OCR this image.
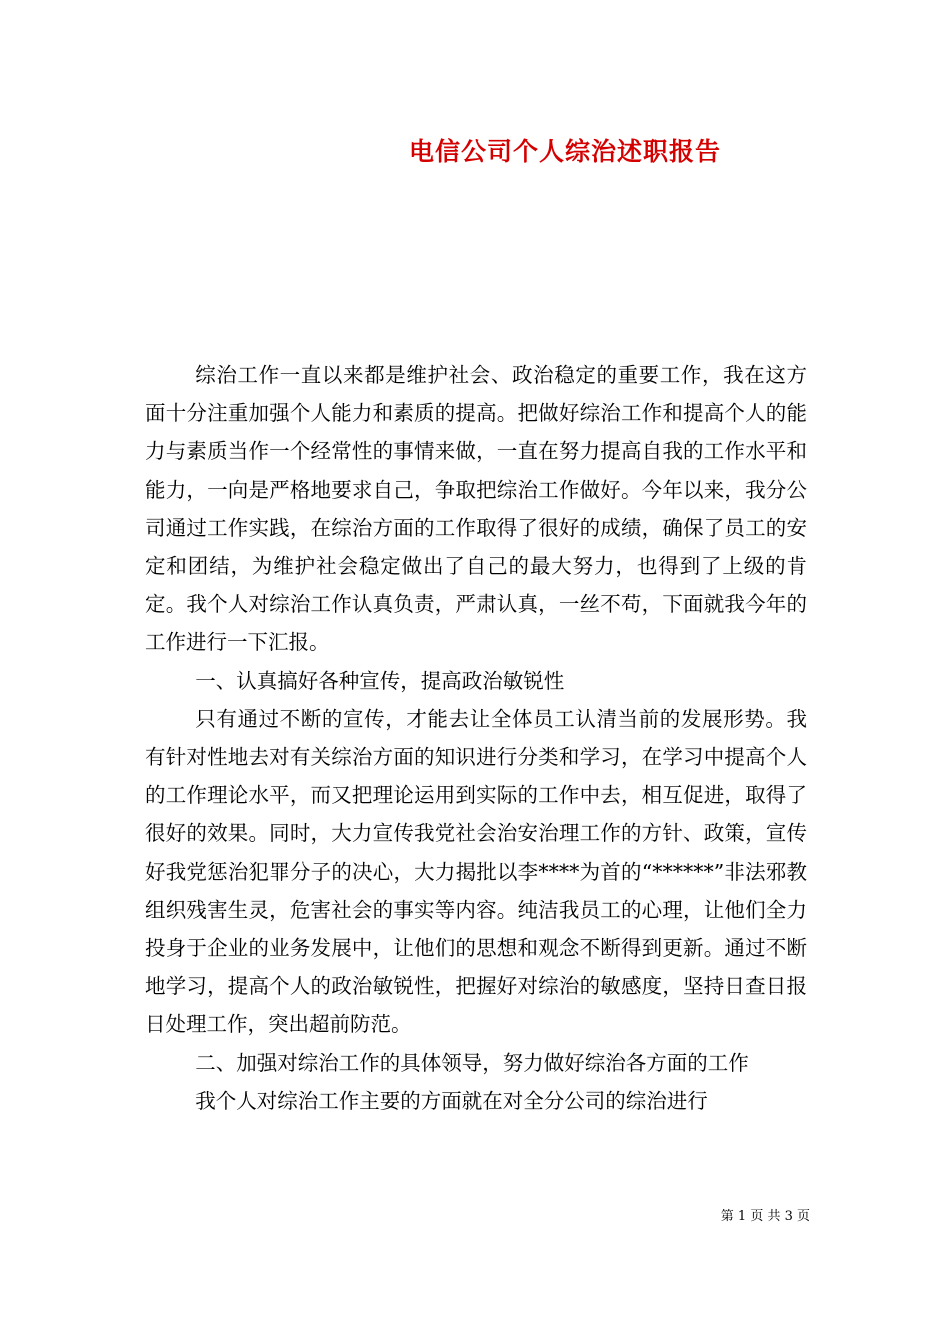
电信公司个人综治述职报告

综治工作一直以来都是维护社会、政治稳定的重要工作，我在这方面十分注重加强个人能力和素质的提高。把做好综治工作和提高个人的能力与素质当作一个经常性的事情来做，一直在努力提高自我的工作水平和能力，一向是严格地要求自己，争取把综治工作做好。今年以来，我分公司通过工作实践，在综治方面的工作取得了很好的成绩，确保了员工的安定和团结，为维护社会稳定做出了自己的最大努力，也得到了上级的肯定。我个人对综治工作认真负责，严肃认真，一丝不苟，下面就我今年的工作进行一下汇报。

一、认真搞好各种宣传，提高政治敏锐性

只有通过不断的宣传，才能去让全体员工认清当前的发展形势。我有针对性地去对有关综治方面的知识进行分类和学习，在学习中提高个人的工作理论水平，而又把理论运用到实际的工作中去，相互促进，取得了很好的效果。同时，大力宣传我党社会治安治理工作的方针、政策，宣传好我党惩治犯罪分子的决心，大力揭批以李****为首的“******”非法邪教组织残害生灵，危害社会的事实等内容。纯洁我员工的心理，让他们全力投身于企业的业务发展中，让他们的思想和观念不断得到更新。通过不断地学习，提高个人的政治敏锐性，把握好对综治的敏感度，坚持日查日报日处理工作，突出超前防范。

二、加强对综治工作的具体领导，努力做好综治各方面的工作

我个人对综治工作主要的方面就在对全分公司的综治进行

第 1 页 共 3 页
